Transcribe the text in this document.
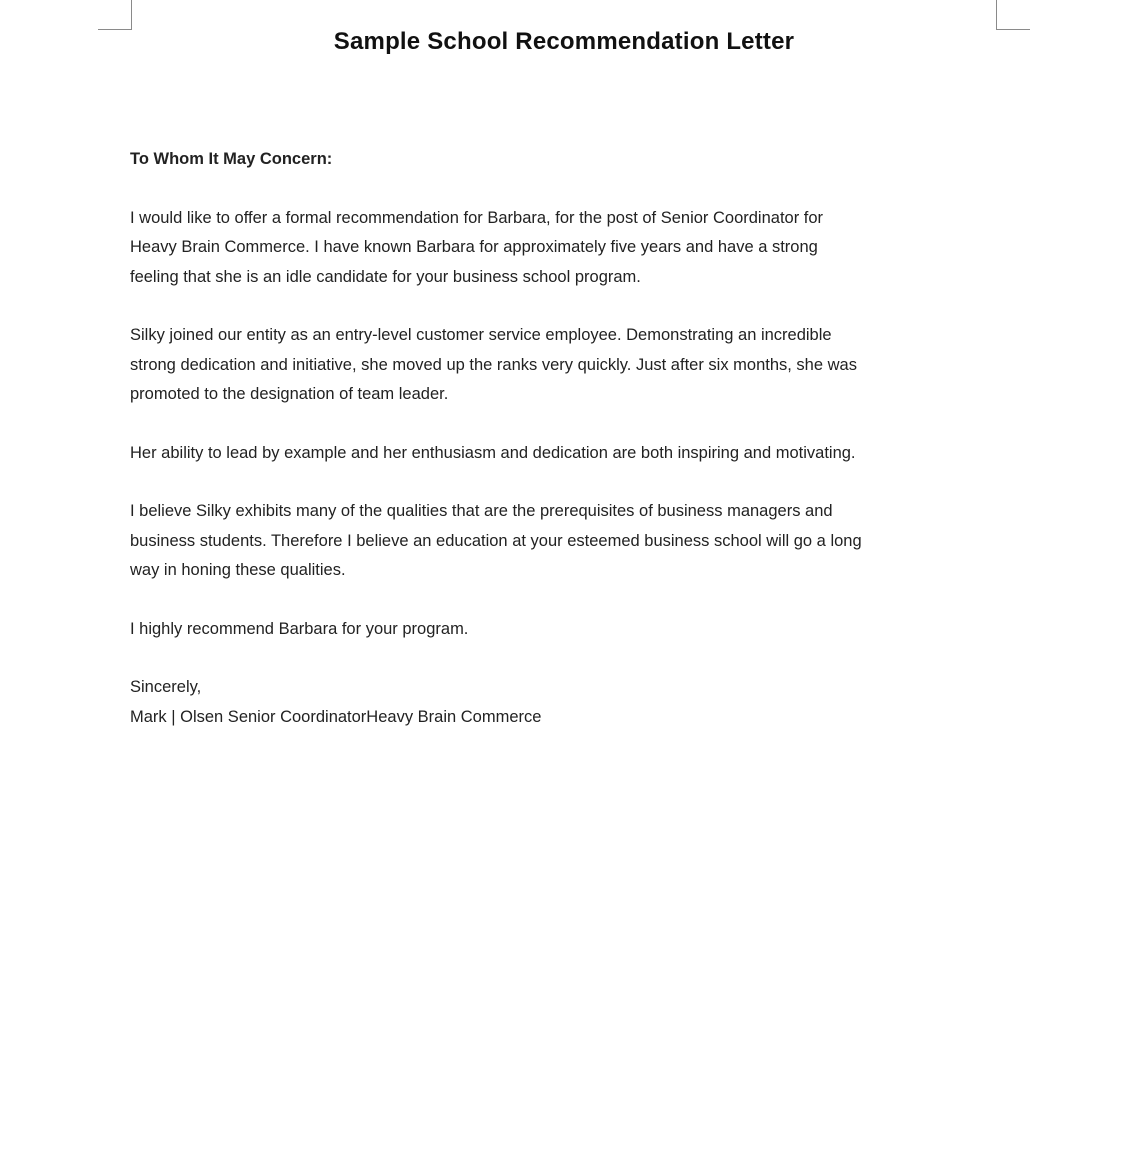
Sample School Recommendation Letter

To Whom It May Concern:

I would like to offer a formal recommendation for Barbara, for the post of Senior Coordinator for
Heavy Brain Commerce. I have known Barbara for approximately five years and have a strong
feeling that she is an idle candidate for your business school program.

Silky joined our entity as an entry-level customer service employee. Demonstrating an incredible
strong dedication and initiative, she moved up the ranks very quickly. Just after six months, she was
promoted to the designation of team leader.

Her ability to lead by example and her enthusiasm and dedication are both inspiring and motivating.

I believe Silky exhibits many of the qualities that are the prerequisites of business managers and
business students. Therefore I believe an education at your esteemed business school will go a long
way in honing these qualities.

I highly recommend Barbara for your program.

Sincerely,

Mark | Olsen Senior CoordinatorHeavy Brain Commerce
